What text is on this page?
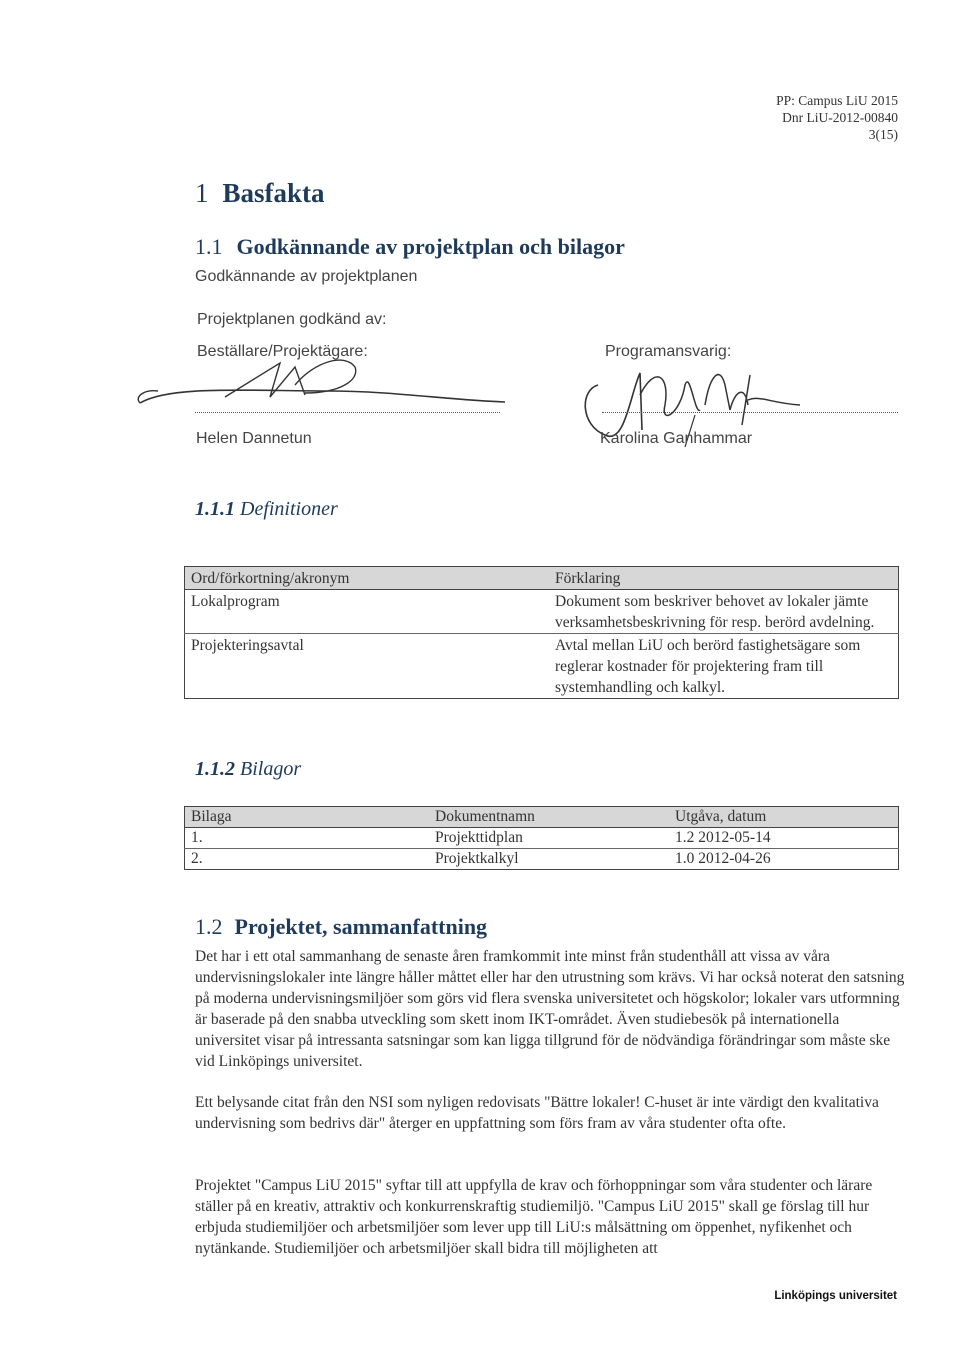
PP: Campus LiU 2015
Dnr LiU-2012-00840
3(15)
1 Basfakta
1.1 Godkännande av projektplan och bilagor
Godkännande av projektplanen
Projektplanen godkänd av:
Beställare/Projektägare:	Programansvarig:
Helen Dannetun	Karolina Ganhammar
1.1.1 Definitioner
Ord/förkortning/akronym	Förklaring
Lokalprogram	Dokument som beskriver behovet av lokaler jämte verksamhetsbeskrivning för resp. berörd avdelning.
Projekteringsavtal	Avtal mellan LiU och berörd fastighetsägare som reglerar kostnader för projektering fram till systemhandling och kalkyl.
1.1.2 Bilagor
Bilaga	Dokumentnamn	Utgåva, datum
1.	Projekttidplan	1.2 2012-05-14
2.	Projektkalkyl	1.0 2012-04-26
1.2 Projektet, sammanfattning
Det har i ett otal sammanhang de senaste åren framkommit inte minst från studenthåll att vissa av våra undervisningslokaler inte längre håller måttet eller har den utrustning som krävs. Vi har också noterat den satsning på moderna undervisningsmiljöer som görs vid flera svenska universitetet och högskolor; lokaler vars utformning är baserade på den snabba utveckling som skett inom IKT-området. Även studiebesök på internationella universitet visar på intressanta satsningar som kan ligga tillgrund för de nödvändiga förändringar som måste ske vid Linköpings universitet.
Ett belysande citat från den NSI som nyligen redovisats "Bättre lokaler! C-huset är inte värdigt den kvalitativa undervisning som bedrivs där" återger en uppfattning som förs fram av våra studenter ofta ofte.
Projektet "Campus LiU 2015" syftar till att uppfylla de krav och förhoppningar som våra studenter och lärare ställer på en kreativ, attraktiv och konkurrenskraftig studiemiljö. "Campus LiU 2015" skall ge förslag till hur erbjuda studiemiljöer och arbetsmiljöer som lever upp till LiU:s målsättning om öppenhet, nyfikenhet och nytänkande. Studiemiljöer och arbetsmiljöer skall bidra till möjligheten att
Linköpings universitet
